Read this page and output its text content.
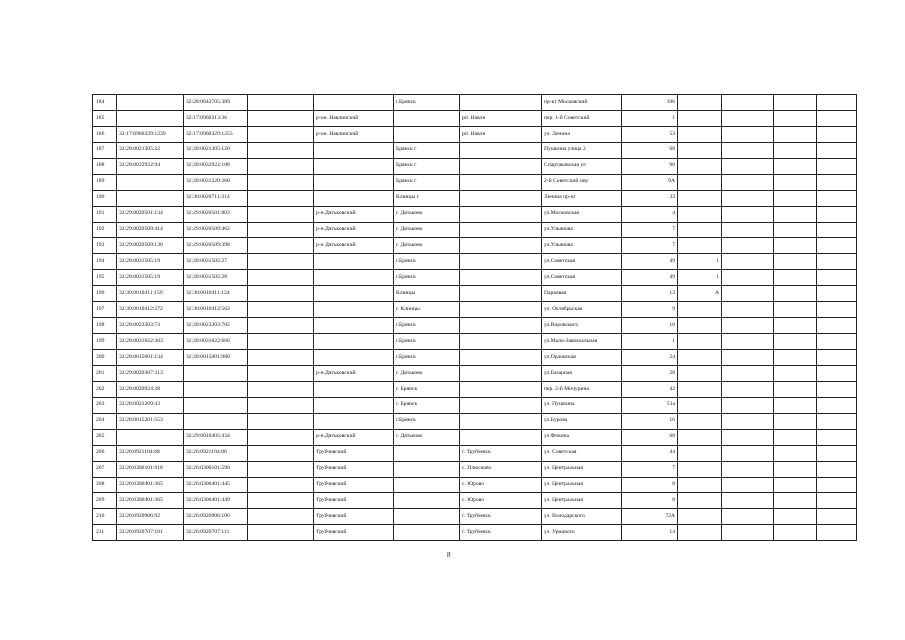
184		32:28:0042705:389			г.Брянск		пр-кт Московский	106				
185		32:17:0960313:36		р-он. Навлинский		рп. Навля	пер. 1-й Советский	1				
186	32:17:0960329:1239	32:17:0960329:1255		р-он. Навлинский		рп. Навля	ул. Ленина	53				
187	32:28:0021305:22	32:28:0021305:120			Брянск г		Пушкина улица 2	68				
188	32:28:0032922:94	32:28:0032922:108			Брянск г		Спартаковская ул	90				
189		32:28:0031220:360			Брянск г		2-й Советский пер	9А				
190		32:30:0020711:314			Клинцы г		Ленина пр-кт	33				
191	32:29:0020501:134	32:29:0020501:803		р-н.Дятьковский	г. Дятьково		ул.Московская	4				
192	32:29:0020509:414	32:29:0020509:462		р-н.Дятьковский	г. Дятьково		ул.Ульянова	7				
193	32:29:0020509:130	32:29:0020509:398		р-н Дятьковский	г. Дятьково		ул.Ульянова	7				
194	32:28:0031505:19	32:28:0031505:27			г.Брянск		ул.Советская	49	1			
195	32:28:0031505:19	32:28:0031505:28			г.Брянск		ул.Советская	49	1			
196	32:30:0010411:159	32:30:0010411:124			Клинцы		Парковая	13	А			
197	32:30:0010412:272	32:30:0010412:563			г. Клинцы		ул. Октябрьская	9				
198	32:28:0023303:73	32:28:0023303:782			г.Брянск		ул.Воровского	10				
199	32:28:0031622:303	32:28:0031622:666			г.Брянск		ул.Мало-Завокзальная	1				
200	32:28:0015001:134	32:28:0015001:980			г.Брянск		ул.Орловская	24				
201	32:29:0020307:313			р-н.Дятьковский	г. Дятьково		ул.Базарная	28				
202	32:28:0020924:38				г. Брянск		пер. 2-й Мичурина	42				
203	32:28:0021209:43				г. Брянск		ул. Пушкина	51а				
204	32:28:0015201:553				г.Брянск		ул.Бурова	16				
205		32:29:0010405:434		р-н.Дятьковский	г. Дятьково		ул.Фокина	68				
206	32:26:0921104:68	32:26:0921104:80		Трубчевский		г. Трубчевск	ул. Советская	44				
207	32:26:0300101:618	32:26:0300101:590		Трубчевский		с. Плюсково	ул. Центральная	7				
208	32:26:0300401:365	32:26:0300401:445		Трубчевский		с. Юрово	ул. Центральная	8				
209	32:26:0300401:365	32:26:0300401:449		Трубчевский		с. Юрово	ул. Центральная	8				
210	32:26:0920906:92	32:26:0920906:100		Трубчевский		г. Трубчевск	ул. Володарского	72А				
211	32:26:0920707:101	32:26:0920707:111		Трубчевский		г. Трубчевск	ул. Урицкого	14				
8
